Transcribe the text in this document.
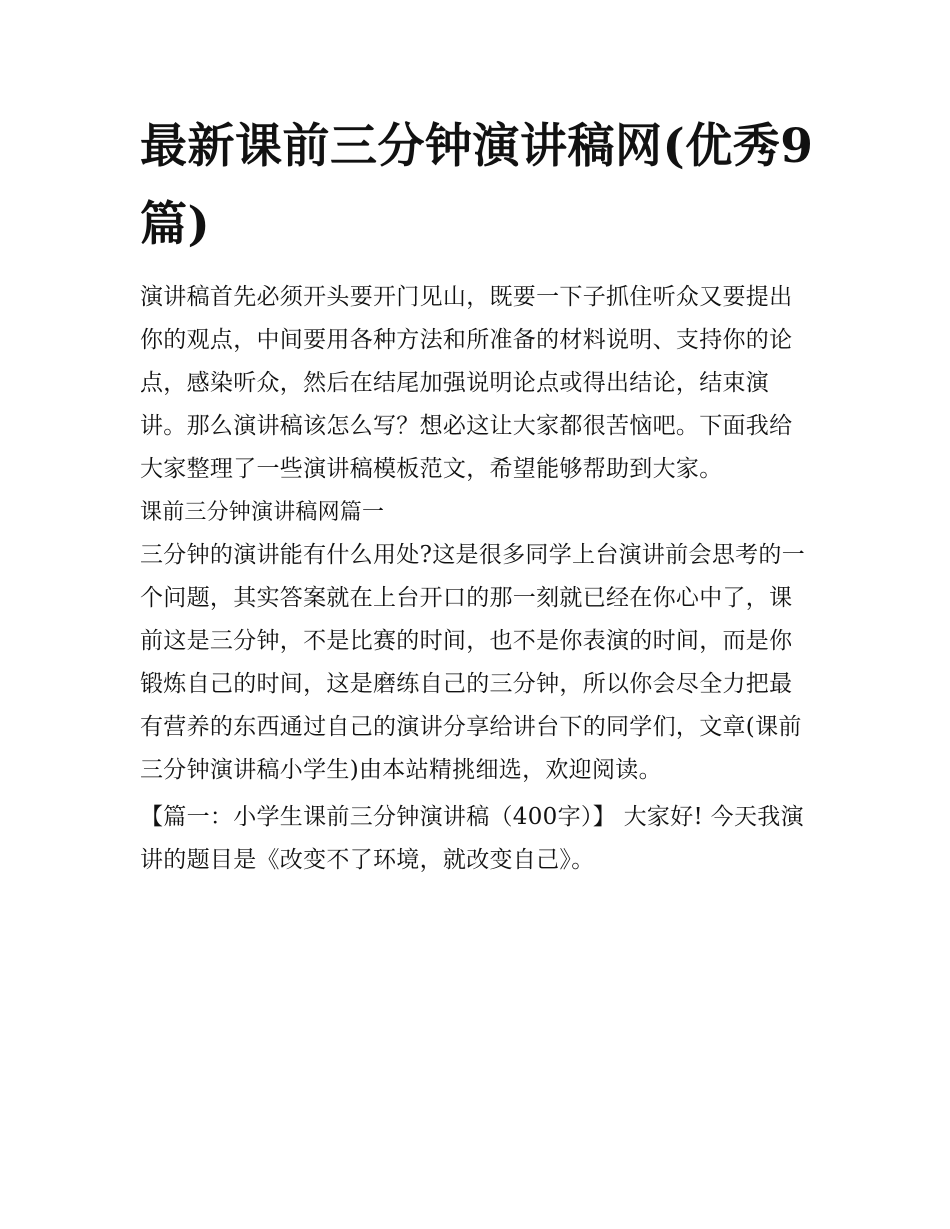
最新课前三分钟演讲稿网(优秀9篇)

演讲稿首先必须开头要开门见山，既要一下子抓住听众又要提出你的观点，中间要用各种方法和所准备的材料说明、支持你的论点，感染听众，然后在结尾加强说明论点或得出结论，结束演讲。那么演讲稿该怎么写？想必这让大家都很苦恼吧。下面我给大家整理了一些演讲稿模板范文，希望能够帮助到大家。

课前三分钟演讲稿网篇一

三分钟的演讲能有什么用处?这是很多同学上台演讲前会思考的一个问题，其实答案就在上台开口的那一刻就已经在你心中了，课前这是三分钟，不是比赛的时间，也不是你表演的时间，而是你锻炼自己的时间，这是磨练自己的三分钟，所以你会尽全力把最有营养的东西通过自己的演讲分享给讲台下的同学们，文章(课前三分钟演讲稿小学生)由本站精挑细选，欢迎阅读。

【篇一：小学生课前三分钟演讲稿（400字）】 大家好! 今天我演讲的题目是《改变不了环境，就改变自己》。
